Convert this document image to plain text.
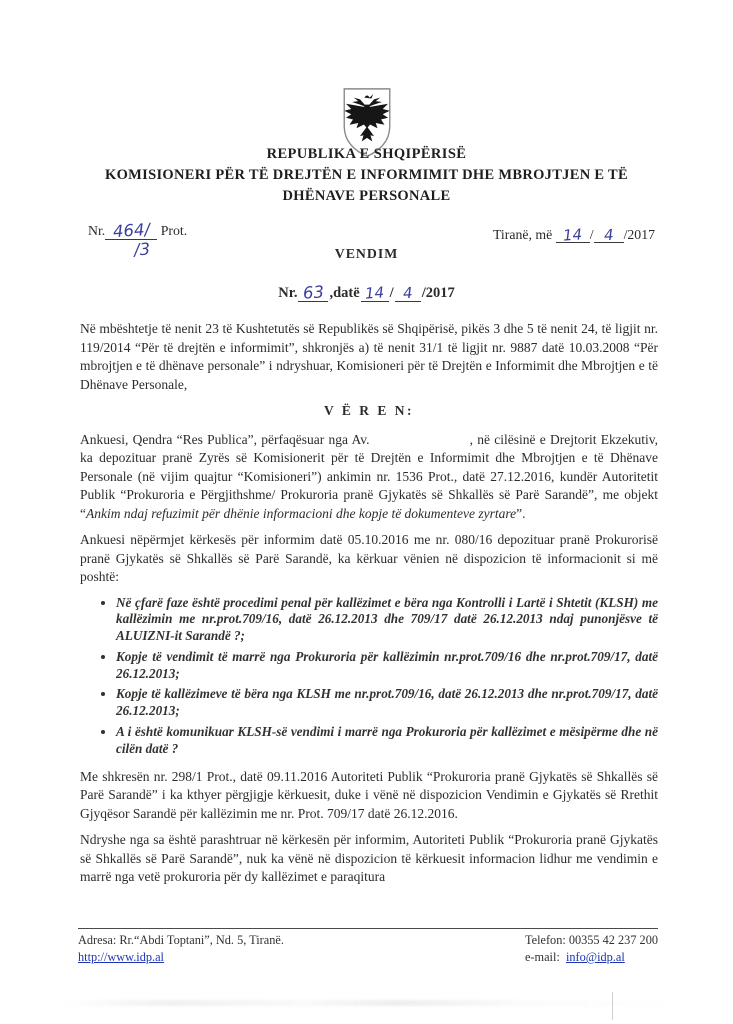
REPUBLIKA E SHQIPËRISË
KOMISIONERI PËR TË DREJTËN E INFORMIMIT DHE MBROJTJEN E TË DHËNAVE PERSONALE
Nr. 464/ Prot.
/3
Tiranë, më 14 / 4 /2017
VENDIM
Nr. 63 ,datë 14 / 4 /2017

Në mbështetje të nenit 23 të Kushtetutës së Republikës së Shqipërisë, pikës 3 dhe 5 të nenit 24, të ligjit nr. 119/2014 “Për të drejtën e informimit”, shkronjës a) të nenit 31/1 të ligjit nr. 9887 datë 10.03.2008 “Për mbrojtjen e të dhënave personale” i ndryshuar, Komisioneri për të Drejtën e Informimit dhe Mbrojtjen e të Dhënave Personale,

V Ë R E N:

Ankuesi, Qendra “Res Publica”, përfaqësuar nga Av.	, në cilësinë e Drejtorit Ekzekutiv, ka depozituar pranë Zyrës së Komisionerit për të Drejtën e Informimit dhe Mbrojtjen e të Dhënave Personale (në vijim quajtur “Komisioneri”) ankimin nr. 1536 Prot., datë 27.12.2016, kundër Autoritetit Publik “Prokuroria e Përgjithshme/ Prokuroria pranë Gjykatës së Shkallës së Parë Sarandë”, me objekt “Ankim ndaj refuzimit për dhënie informacioni dhe kopje të dokumenteve zyrtare”.

Ankuesi nëpërmjet kërkesës për informim datë 05.10.2016 me nr. 080/16 depozituar pranë Prokurorisë pranë Gjykatës së Shkallës së Parë Sarandë, ka kërkuar vënien në dispozicion të informacionit si më poshtë:

• Në çfarë faze është procedimi penal për kallëzimet e bëra nga Kontrolli i Lartë i Shtetit (KLSH) me kallëzimin me nr.prot.709/16, datë 26.12.2013 dhe 709/17 datë 26.12.2013 ndaj punonjësve të ALUIZNI-it Sarandë ?;
• Kopje të vendimit të marrë nga Prokuroria për kallëzimin nr.prot.709/16 dhe nr.prot.709/17, datë 26.12.2013;
• Kopje të kallëzimeve të bëra nga KLSH me nr.prot.709/16, datë 26.12.2013 dhe nr.prot.709/17, datë 26.12.2013;
• A i është komunikuar KLSH-së vendimi i marrë nga Prokuroria për kallëzimet e mësipërme dhe në cilën datë ?

Me shkresën nr. 298/1 Prot., datë 09.11.2016 Autoriteti Publik “Prokuroria pranë Gjykatës së Shkallës së Parë Sarandë” i ka kthyer përgjigje kërkuesit, duke i vënë në dispozicion Vendimin e Gjykatës së Rrethit Gjyqësor Sarandë për kallëzimin me nr. Prot. 709/17 datë 26.12.2016.

Ndryshe nga sa është parashtruar në kërkesën për informim, Autoriteti Publik “Prokuroria pranë Gjykatës së Shkallës së Parë Sarandë”, nuk ka vënë në dispozicion të kërkuesit informacion lidhur me vendimin e marrë nga vetë prokuroria për dy kallëzimet e paraqitura

Adresa: Rr.“Abdi Toptani”, Nd. 5, Tiranë.
http://www.idp.al
Telefon: 00355 42 237 200
e-mail: info@idp.al
